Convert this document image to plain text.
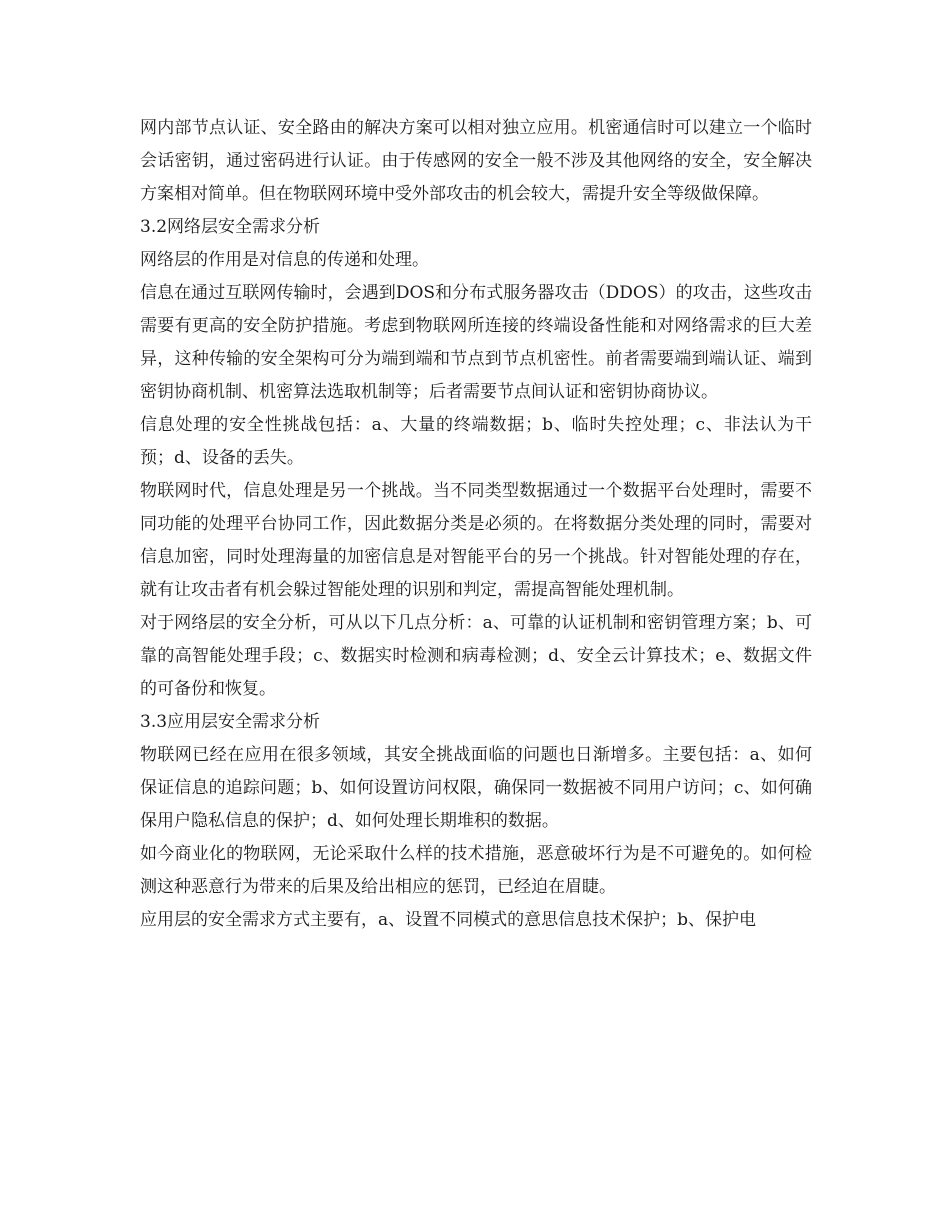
网内部节点认证、安全路由的解决方案可以相对独立应用。机密通信时可以建立一个临时会话密钥，通过密码进行认证。由于传感网的安全一般不涉及其他网络的安全，安全解决方案相对简单。但在物联网环境中受外部攻击的机会较大，需提升安全等级做保障。

3.2网络层安全需求分析

网络层的作用是对信息的传递和处理。

信息在通过互联网传输时，会遇到DOS和分布式服务器攻击（DDOS）的攻击，这些攻击需要有更高的安全防护措施。考虑到物联网所连接的终端设备性能和对网络需求的巨大差异，这种传输的安全架构可分为端到端和节点到节点机密性。前者需要端到端认证、端到密钥协商机制、机密算法选取机制等；后者需要节点间认证和密钥协商协议。

信息处理的安全性挑战包括：a、大量的终端数据；b、临时失控处理；c、非法认为干预；d、设备的丢失。

物联网时代，信息处理是另一个挑战。当不同类型数据通过一个数据平台处理时，需要不同功能的处理平台协同工作，因此数据分类是必须的。在将数据分类处理的同时，需要对信息加密，同时处理海量的加密信息是对智能平台的另一个挑战。针对智能处理的存在，就有让攻击者有机会躲过智能处理的识别和判定，需提高智能处理机制。

对于网络层的安全分析，可从以下几点分析：a、可靠的认证机制和密钥管理方案；b、可靠的高智能处理手段；c、数据实时检测和病毒检测；d、安全云计算技术；e、数据文件的可备份和恢复。

3.3应用层安全需求分析

物联网已经在应用在很多领域，其安全挑战面临的问题也日渐增多。主要包括：a、如何保证信息的追踪问题；b、如何设置访问权限，确保同一数据被不同用户访问；c、如何确保用户隐私信息的保护；d、如何处理长期堆积的数据。

如今商业化的物联网，无论采取什么样的技术措施，恶意破坏行为是不可避免的。如何检测这种恶意行为带来的后果及给出相应的惩罚，已经迫在眉睫。

应用层的安全需求方式主要有，a、设置不同模式的意思信息技术保护；b、保护电
